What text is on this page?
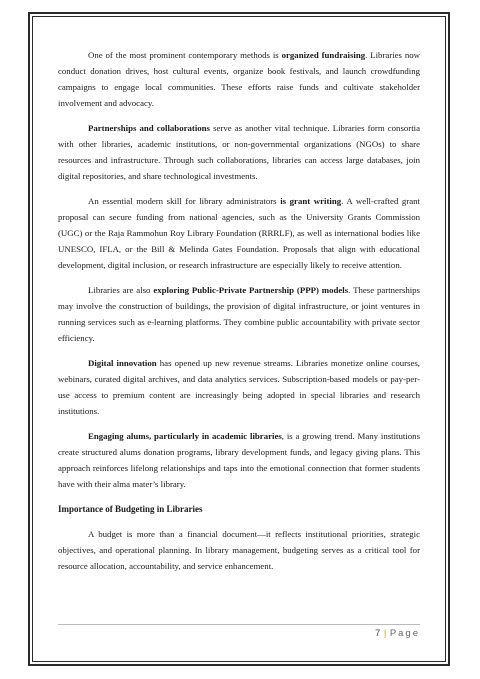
One of the most prominent contemporary methods is organized fundraising. Libraries now conduct donation drives, host cultural events, organize book festivals, and launch crowdfunding campaigns to engage local communities. These efforts raise funds and cultivate stakeholder involvement and advocacy.

Partnerships and collaborations serve as another vital technique. Libraries form consortia with other libraries, academic institutions, or non-governmental organizations (NGOs) to share resources and infrastructure. Through such collaborations, libraries can access large databases, join digital repositories, and share technological investments.

An essential modern skill for library administrators is grant writing. A well-crafted grant proposal can secure funding from national agencies, such as the University Grants Commission (UGC) or the Raja Rammohun Roy Library Foundation (RRRLF), as well as international bodies like UNESCO, IFLA, or the Bill & Melinda Gates Foundation. Proposals that align with educational development, digital inclusion, or research infrastructure are especially likely to receive attention.

Libraries are also exploring Public-Private Partnership (PPP) models. These partnerships may involve the construction of buildings, the provision of digital infrastructure, or joint ventures in running services such as e-learning platforms. They combine public accountability with private sector efficiency.

Digital innovation has opened up new revenue streams. Libraries monetize online courses, webinars, curated digital archives, and data analytics services. Subscription-based models or pay-per-use access to premium content are increasingly being adopted in special libraries and research institutions.

Engaging alums, particularly in academic libraries, is a growing trend. Many institutions create structured alums donation programs, library development funds, and legacy giving plans. This approach reinforces lifelong relationships and taps into the emotional connection that former students have with their alma mater’s library.

Importance of Budgeting in Libraries

A budget is more than a financial document—it reflects institutional priorities, strategic objectives, and operational planning. In library management, budgeting serves as a critical tool for resource allocation, accountability, and service enhancement.

7 | Page
